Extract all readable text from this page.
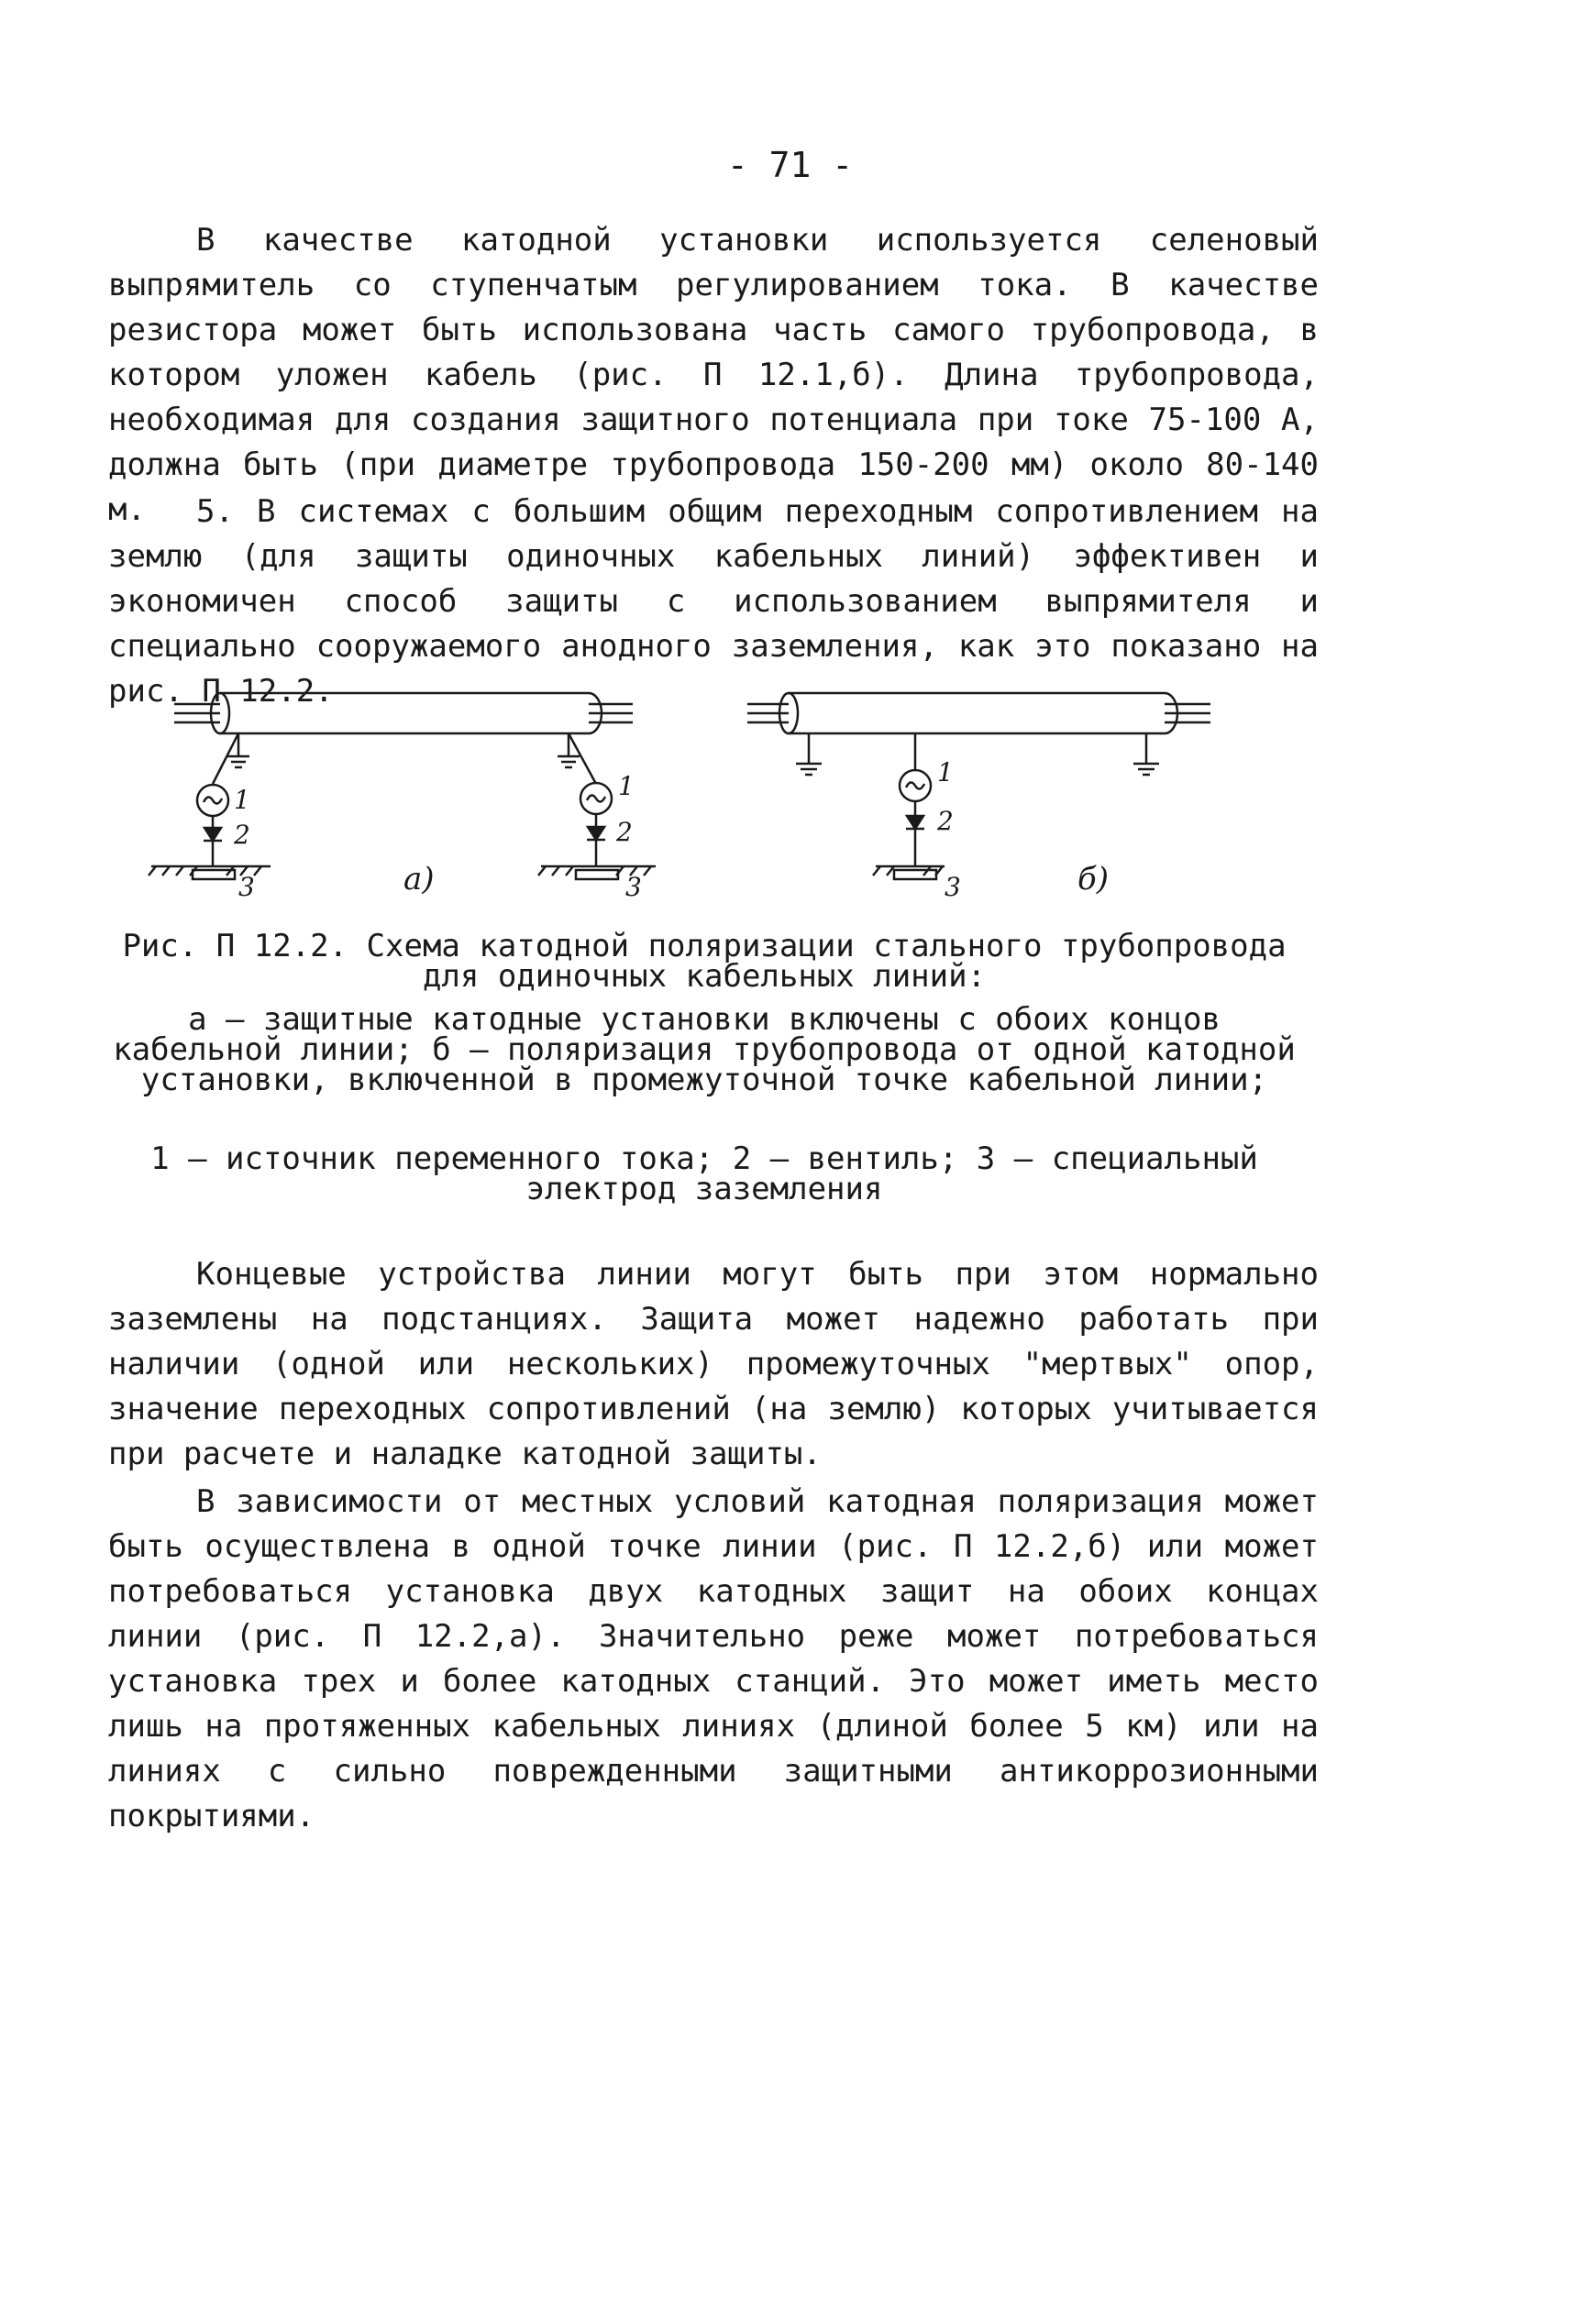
- 71 -

В качестве катодной установки используется селеновый выпрямитель со ступенчатым регулированием тока. В качестве резистора может быть использована часть самого трубопровода, в котором уложен кабель (рис. П 12.1,б). Длина трубопровода, необходимая для создания защитного потенциала при токе 75-100 А, должна быть (при диаметре трубопровода 150-200 мм) около 80-140 м.	5. В системах с большим общим переходным сопротивлением на землю (для защиты одиночных кабельных линий) эффективен и экономичен способ защиты с использованием выпрямителя и специально сооружаемого анодного заземления, как это показано на рис. П 12.2.

1
2
3
1
2
3
а)
1
2
3	б)

Рис. П 12.2. Схема катодной поляризации стального трубопровода для одиночных кабельных линий:

а – защитные катодные установки включены с обоих концов кабельной линии; б – поляризация трубопровода от одной катодной установки, включенной в промежуточной точке кабельной линии;

1 – источник переменного тока; 2 – вентиль; 3 – специальный электрод заземления

Концевые устройства линии могут быть при этом нормально заземлены на подстанциях. Защита может надежно работать при наличии (одной или нескольких) промежуточных "мертвых" опор, значение переходных сопротивлений (на землю) которых учитывается при расчете и наладке катодной защиты.

В зависимости от местных условий катодная поляризация может быть осуществлена в одной точке линии (рис. П 12.2,б) или может потребоваться установка двух катодных защит на обоих концах линии (рис. П 12.2,а). Значительно реже может потребоваться установка трех и более катодных станций. Это может иметь место лишь на протяженных кабельных линиях (длиной более 5 км) или на линиях с сильно поврежденными защитными антикоррозионными покрытиями.
